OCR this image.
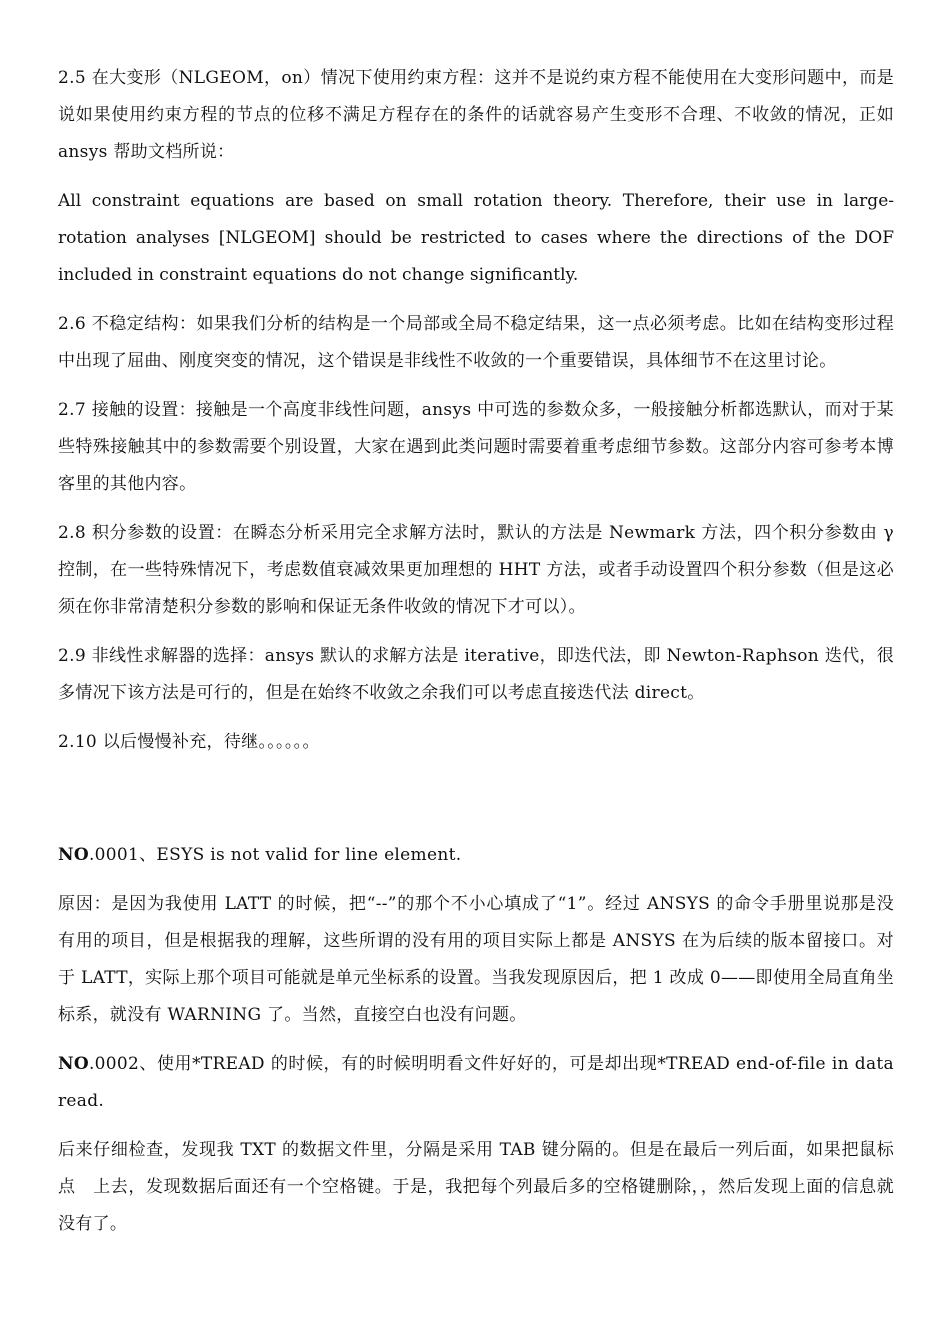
2.5 在大变形（NLGEOM，on）情况下使用约束方程：这并不是说约束方程不能使用在大变形问题中，而是说如果使用约束方程的节点的位移不满足方程存在的条件的话就容易产生变形不合理、不收敛的情况，正如 ansys 帮助文档所说：

All constraint equations are based on small rotation theory. Therefore, their use in large-rotation analyses [NLGEOM] should be restricted to cases where the directions of the DOF included in constraint equations do not change significantly.

2.6 不稳定结构：如果我们分析的结构是一个局部或全局不稳定结果，这一点必须考虑。比如在结构变形过程中出现了屈曲、刚度突变的情况，这个错误是非线性不收敛的一个重要错误，具体细节不在这里讨论。

2.7 接触的设置：接触是一个高度非线性问题，ansys 中可选的参数众多，一般接触分析都选默认，而对于某些特殊接触其中的参数需要个别设置，大家在遇到此类问题时需要着重考虑细节参数。这部分内容可参考本博客里的其他内容。

2.8 积分参数的设置：在瞬态分析采用完全求解方法时，默认的方法是 Newmark 方法，四个积分参数由 γ 控制，在一些特殊情况下，考虑数值衰减效果更加理想的 HHT 方法，或者手动设置四个积分参数（但是这必须在你非常清楚积分参数的影响和保证无条件收敛的情况下才可以）。

2.9 非线性求解器的选择：ansys 默认的求解方法是 iterative，即迭代法，即 Newton-Raphson 迭代，很多情况下该方法是可行的，但是在始终不收敛之余我们可以考虑直接迭代法 direct。

2.10 以后慢慢补充，待继。。。。。。

NO.0001、ESYS is not valid for line element.

原因：是因为我使用 LATT 的时候，把“--”的那个不小心填成了“1”。经过 ANSYS 的命令手册里说那是没　有用的项目，但是根据我的理解，这些所谓的没有用的项目实际上都是 ANSYS 在为后续的版本留接口。对　于 LATT，实际上那个项目可能就是单元坐标系的设置。当我发现原因后，把 1 改成 0——即使用全局直角坐　标系，就没有 WARNING 了。当然，直接空白也没有问题。

NO.0002、使用*TREAD 的时候，有的时候明明看文件好好的，可是却出现*TREAD end-of-file in data read.

后来仔细检查，发现我 TXT 的数据文件里，分隔是采用 TAB 键分隔的。但是在最后一列后面，如果把鼠标点　上去，发现数据后面还有一个空格键。于是，我把每个列最后多的空格键删除，，然后发现上面的信息就　没有了。
